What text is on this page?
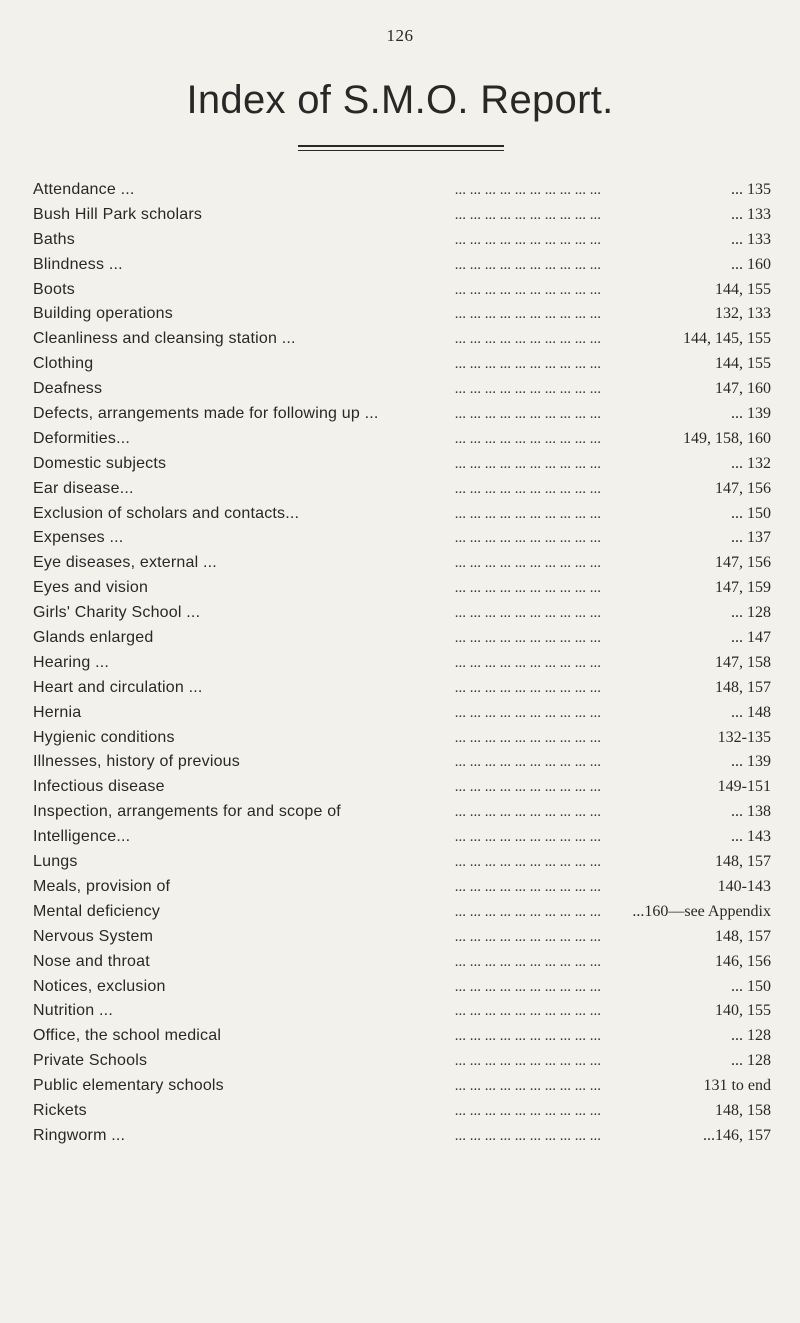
126
Index of S.M.O. Report.
Attendance ...	... ... ... ... ... ... ... ... ... ...	... 135
Bush Hill Park scholars	... ... ... ... ... ... ... ... ... ...	... 133
Baths	... ... ... ... ... ... ... ... ... ...	... 133
Blindness ...	... ... ... ... ... ... ... ... ... ...	... 160
Boots	... ... ... ... ... ... ... ... ... ...	144, 155
Building operations	... ... ... ... ... ... ... ... ... ...	132, 133
Cleanliness and cleansing station ...	... ... ... ... ... ... ... ... ... ...	144, 145, 155
Clothing	... ... ... ... ... ... ... ... ... ...	144, 155
Deafness	... ... ... ... ... ... ... ... ... ...	147, 160
Defects, arrangements made for following up ...	... ... ... ... ... ... ... ... ... ...	... 139
Deformities...	... ... ... ... ... ... ... ... ... ...	149, 158, 160
Domestic subjects	... ... ... ... ... ... ... ... ... ...	... 132
Ear disease...	... ... ... ... ... ... ... ... ... ...	147, 156
Exclusion of scholars and contacts...	... ... ... ... ... ... ... ... ... ...	... 150
Expenses ...	... ... ... ... ... ... ... ... ... ...	... 137
Eye diseases, external ...	... ... ... ... ... ... ... ... ... ...	147, 156
Eyes and vision	... ... ... ... ... ... ... ... ... ...	147, 159
Girls' Charity School ...	... ... ... ... ... ... ... ... ... ...	... 128
Glands enlarged	... ... ... ... ... ... ... ... ... ...	... 147
Hearing ...	... ... ... ... ... ... ... ... ... ...	147, 158
Heart and circulation ...	... ... ... ... ... ... ... ... ... ...	148, 157
Hernia	... ... ... ... ... ... ... ... ... ...	... 148
Hygienic conditions	... ... ... ... ... ... ... ... ... ...	132-135
Illnesses, history of previous	... ... ... ... ... ... ... ... ... ...	... 139
Infectious disease	... ... ... ... ... ... ... ... ... ...	149-151
Inspection, arrangements for and scope of	... ... ... ... ... ... ... ... ... ...	... 138
Intelligence...	... ... ... ... ... ... ... ... ... ...	... 143
Lungs	... ... ... ... ... ... ... ... ... ...	148, 157
Meals, provision of	... ... ... ... ... ... ... ... ... ...	140-143
Mental deficiency	... ... ... ... ... ... ... ... ... ...	...160—see Appendix
Nervous System	... ... ... ... ... ... ... ... ... ...	148, 157
Nose and throat	... ... ... ... ... ... ... ... ... ...	146, 156
Notices, exclusion	... ... ... ... ... ... ... ... ... ...	... 150
Nutrition ...	... ... ... ... ... ... ... ... ... ...	140, 155
Office, the school medical	... ... ... ... ... ... ... ... ... ...	... 128
Private Schools	... ... ... ... ... ... ... ... ... ...	... 128
Public elementary schools	... ... ... ... ... ... ... ... ... ...	131 to end
Rickets	... ... ... ... ... ... ... ... ... ...	148, 158
Ringworm ...	... ... ... ... ... ... ... ... ... ...	...146, 157
